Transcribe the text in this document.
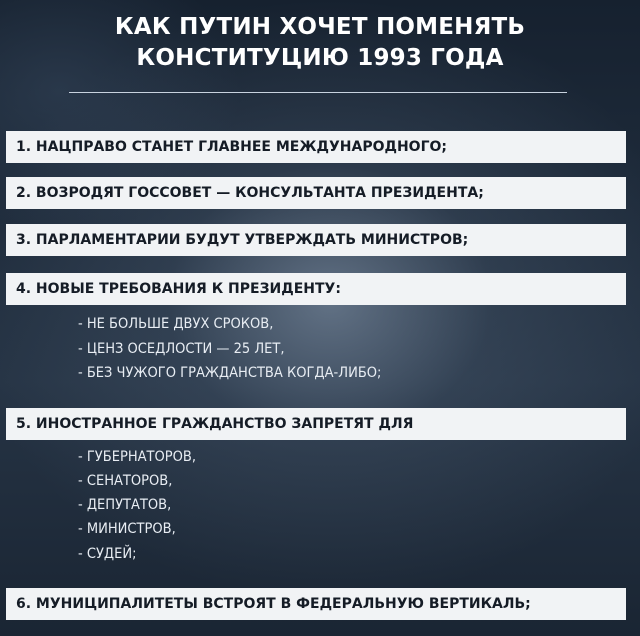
КАК ПУТИН ХОЧЕТ ПОМЕНЯТЬ
КОНСТИТУЦИЮ 1993 ГОДА
1. НАЦПРАВО СТАНЕТ ГЛАВНЕЕ МЕЖДУНАРОДНОГО;
2. ВОЗРОДЯТ ГОССОВЕТ — КОНСУЛЬТАНТА ПРЕЗИДЕНТА;
3. ПАРЛАМЕНТАРИИ БУДУТ УТВЕРЖДАТЬ МИНИСТРОВ;
4. НОВЫЕ ТРЕБОВАНИЯ К ПРЕЗИДЕНТУ:
- НЕ БОЛЬШЕ ДВУХ СРОКОВ,
- ЦЕНЗ ОСЕДЛОСТИ — 25 ЛЕТ,
- БЕЗ ЧУЖОГО ГРАЖДАНСТВА КОГДА-ЛИБО;
5. ИНОСТРАННОЕ ГРАЖДАНСТВО ЗАПРЕТЯТ ДЛЯ
- ГУБЕРНАТОРОВ,
- СЕНАТОРОВ,
- ДЕПУТАТОВ,
- МИНИСТРОВ,
- СУДЕЙ;
6. МУНИЦИПАЛИТЕТЫ ВСТРОЯТ В ФЕДЕРАЛЬНУЮ ВЕРТИКАЛЬ;
